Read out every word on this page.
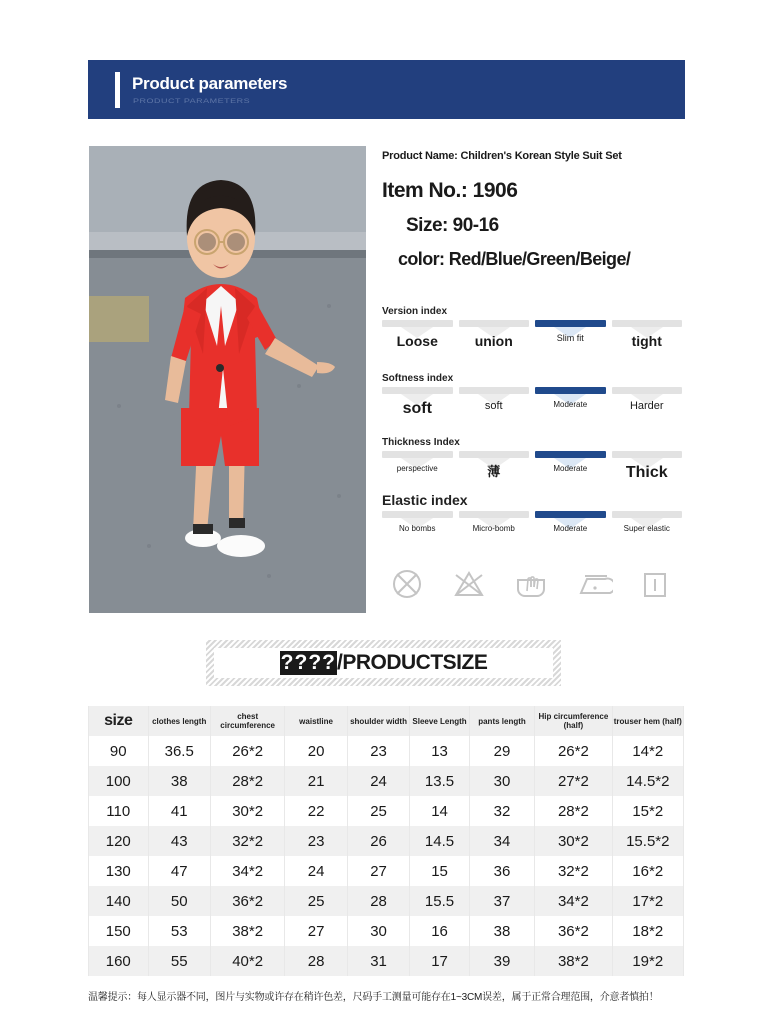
Product parameters
PRODUCT PARAMETERS
Product Name: Children's Korean Style Suit Set
Item No.: 1906
Size: 90-16
color: Red/Blue/Green/Beige/
Version index
Loose	union	Slim fit	tight
Softness index
soft	soft	Moderate	Harder
Thickness Index
perspective	薄	Moderate	Thick
Elastic index
No bombs	Micro-bomb	Moderate	Super elastic
????/PRODUCTSIZE
size	clothes length	chest circumference	waistline	shoulder width	Sleeve Length	pants length	Hip circumference (half)	trouser hem (half)
90	36.5	26*2	20	23	13	29	26*2	14*2
100	38	28*2	21	24	13.5	30	27*2	14.5*2
110	41	30*2	22	25	14	32	28*2	15*2
120	43	32*2	23	26	14.5	34	30*2	15.5*2
130	47	34*2	24	27	15	36	32*2	16*2
140	50	36*2	25	28	15.5	37	34*2	17*2
150	53	38*2	27	30	16	38	36*2	18*2
160	55	40*2	28	31	17	39	38*2	19*2
温馨提示：每人显示器不同，图片与实物或许存在稍许色差，尺码手工测量可能存在1~3CM误差，属于正常合理范围，介意者慎拍！
